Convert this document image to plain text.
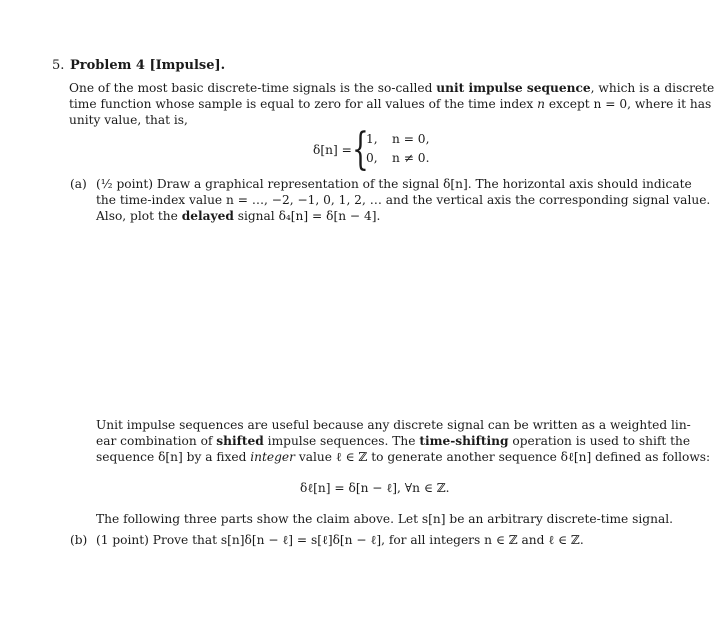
5. Problem 4 [Impulse].
One of the most basic discrete-time signals is the so-called unit impulse sequence, which is a discrete
time function whose sample is equal to zero for all values of the time index n except n = 0, where it has
unity value, that is,
δ[n] = {
1, n = 0,
0, n ≠ 0.
(a) (½ point) Draw a graphical representation of the signal δ[n]. The horizontal axis should indicate
the time-index value n = …, −2, −1, 0, 1, 2, … and the vertical axis the corresponding signal value.
Also, plot the delayed signal δ₄[n] = δ[n − 4].
Unit impulse sequences are useful because any discrete signal can be written as a weighted lin-
ear combination of shifted impulse sequences. The time-shifting operation is used to shift the
sequence δ[n] by a fixed integer value ℓ ∈ ℤ to generate another sequence δℓ[n] defined as follows:
δℓ[n] = δ[n − ℓ], ∀n ∈ ℤ.
The following three parts show the claim above. Let s[n] be an arbitrary discrete-time signal.
(b) (1 point) Prove that s[n]δ[n − ℓ] = s[ℓ]δ[n − ℓ], for all integers n ∈ ℤ and ℓ ∈ ℤ.
